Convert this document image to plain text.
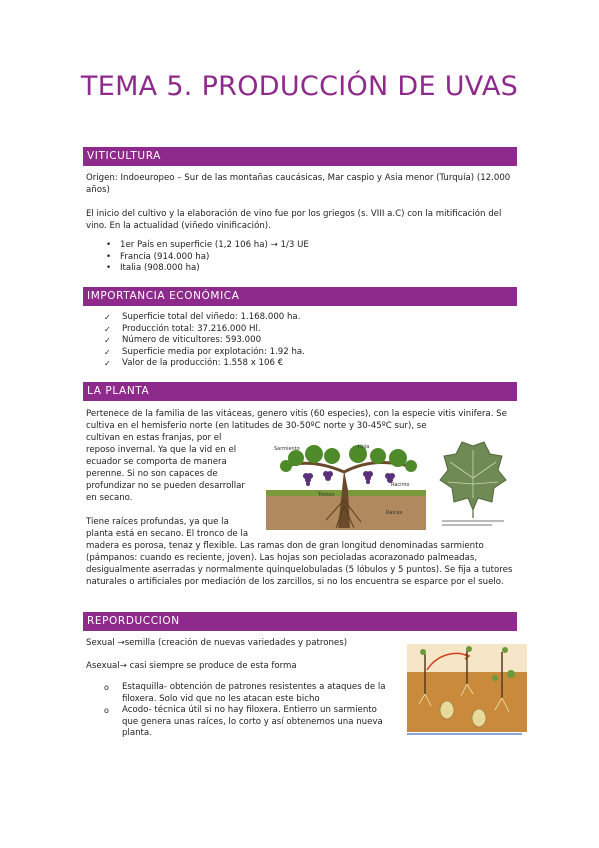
TEMA 5. PRODUCCIÓN DE UVAS
VITICULTURA

Origen: Indoeuropeo – Sur de las montañas caucásicas, Mar caspio y Asia menor (Turquía) (12.000 años)

El inicio del cultivo y la elaboración de vino fue por los griegos (s. VIII a.C) con la mitificación del vino. En la actualidad (viñedo vinificación).

• 1er País en superficie (1,2 106 ha) → 1/3 UE
• Francia (914.000 ha)
• Italia (908.000 ha)
IMPORTANCIA ECONÓMICA
✓ Superficie total del viñedo: 1.168.000 ha.
✓ Producción total: 37.216.000 Hl.
✓ Número de viticultores: 593.000
✓ Superficie media por explotación: 1.92 ha.
✓ Valor de la producción: 1.558 x 106 €
LA PLANTA

Pertenece de la familia de las vitáceas, genero vitis (60 especies), con la especie vitis vinifera. Se cultiva en el hemisferio norte (en latitudes de 30-50ºC norte y 30-45ºC sur), se

cultivan en estas franjas, por el
reposo invernal. Ya que la vid en el
ecuador se comporta de manera
perenne. Si no son capaces de
profundizar no se pueden desarrollar
en secano.
Tiene raíces profundas, ya que la
planta está en secano. El tronco de la

madera es porosa, tenaz y flexible. Las ramas don de gran longitud denominadas sarmiento (pámpanos: cuando es reciente, joven). Las hojas son pecioladas acorazonado palmeadas, desigualmente aserradas y normalmente quinquelobuladas (5 lóbulos y 5 puntos). Se fija a tutores naturales o artificiales por mediación de los zarcillos, si no los encuentra se esparce por el suelo.

Sarmiento	Hoja
Racimo
Tronco
Raíces
REPORDUCCION

Sexual →semilla (creación de nuevas variedades y patrones)

Asexual→ casi siempre se produce de esta forma

o Estaquilla- obtención de patrones resistentes a ataques de la filoxera. Solo vid que no les atacan este bicho
o Acodo- técnica útil si no hay filoxera. Entierro un sarmiento que genera unas raíces, lo corto y así obtenemos una nueva planta.
